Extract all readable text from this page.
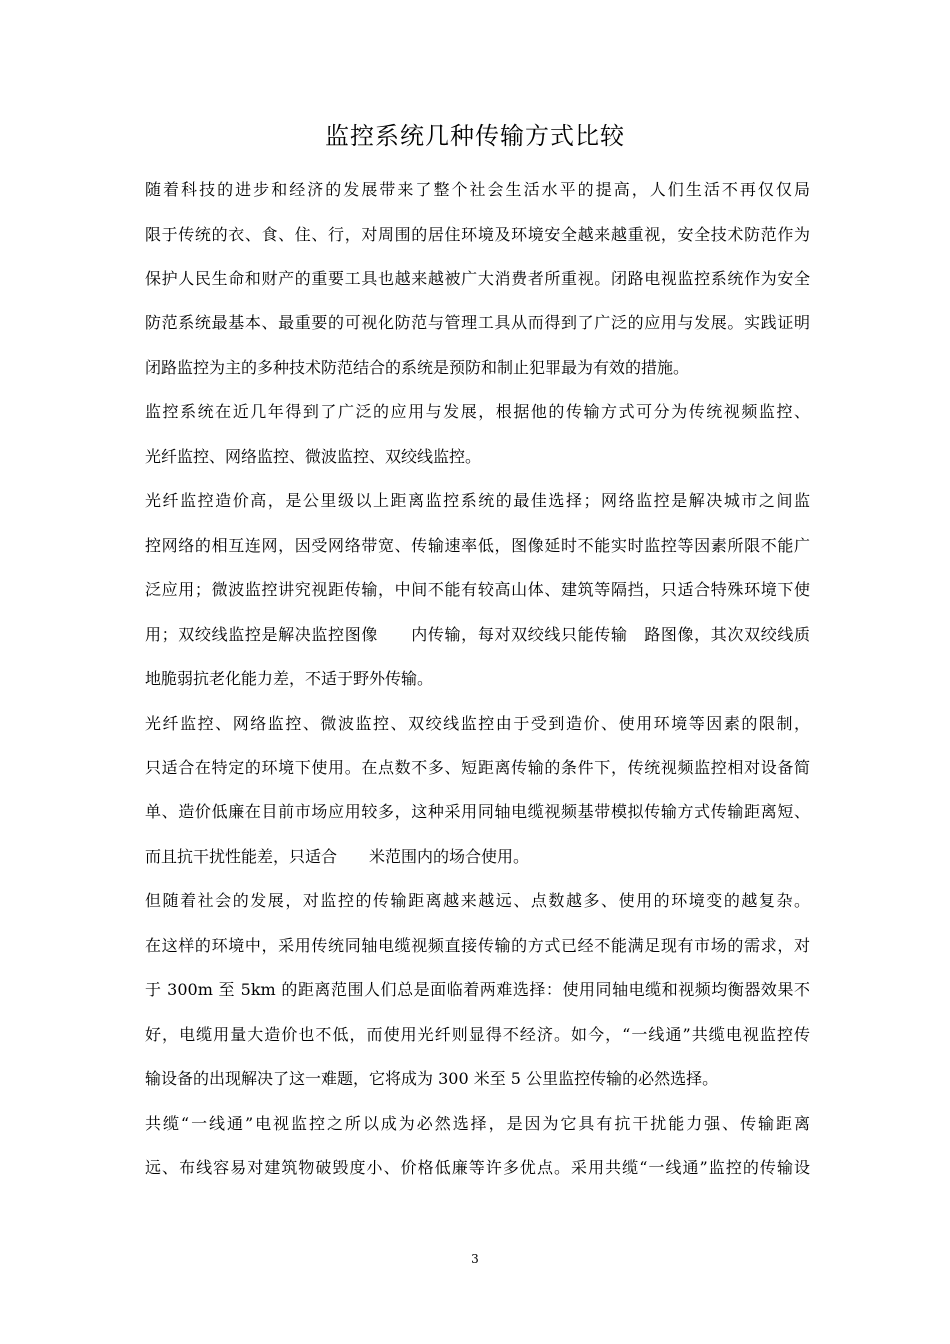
监控系统几种传输方式比较
随着科技的进步和经济的发展带来了整个社会生活水平的提高，人们生活不再仅仅局
限于传统的衣、食、住、行，对周围的居住环境及环境安全越来越重视，安全技术防范作为
保护人民生命和财产的重要工具也越来越被广大消费者所重视。闭路电视监控系统作为安全
防范系统最基本、最重要的可视化防范与管理工具从而得到了广泛的应用与发展。实践证明
闭路监控为主的多种技术防范结合的系统是预防和制止犯罪最为有效的措施。
监控系统在近几年得到了广泛的应用与发展，根据他的传输方式可分为传统视频监控、
光纤监控、网络监控、微波监控、双绞线监控。
光纤监控造价高，是公里级以上距离监控系统的最佳选择；网络监控是解决城市之间监
控网络的相互连网，因受网络带宽、传输速率低，图像延时不能实时监控等因素所限不能广
泛应用；微波监控讲究视距传输，中间不能有较高山体、建筑等隔挡，只适合特殊环境下使
用；双绞线监控是解决监控图像　　内传输，每对双绞线只能传输　路图像，其次双绞线质
地脆弱抗老化能力差，不适于野外传输。
光纤监控、网络监控、微波监控、双绞线监控由于受到造价、使用环境等因素的限制，
只适合在特定的环境下使用。在点数不多、短距离传输的条件下，传统视频监控相对设备简
单、造价低廉在目前市场应用较多，这种采用同轴电缆视频基带模拟传输方式传输距离短、
而且抗干扰性能差，只适合　　米范围内的场合使用。
但随着社会的发展，对监控的传输距离越来越远、点数越多、使用的环境变的越复杂。
在这样的环境中，采用传统同轴电缆视频直接传输的方式已经不能满足现有市场的需求，对
于 300m 至 5km 的距离范围人们总是面临着两难选择：使用同轴电缆和视频均衡器效果不
好，电缆用量大造价也不低，而使用光纤则显得不经济。如今，“一线通”共缆电视监控传
输设备的出现解决了这一难题，它将成为 300 米至 5 公里监控传输的必然选择。
共缆“一线通”电视监控之所以成为必然选择，是因为它具有抗干扰能力强、传输距离
远、布线容易对建筑物破毁度小、价格低廉等许多优点。采用共缆“一线通”监控的传输设
3
